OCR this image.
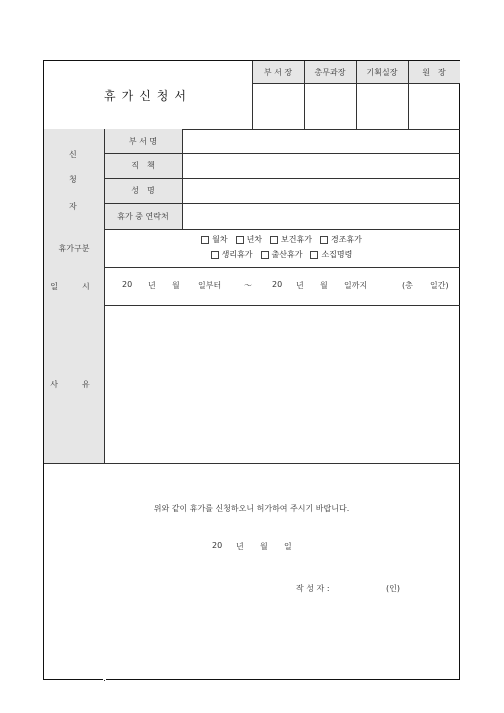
휴가신청서
부 서 장	총무과장	기획실장	원　장
신
청
자
부 서 명
직　책
성　명
휴가 중 연락처
휴가구분
월차 년차 보건휴가 경조휴가
생리휴가 출산휴가 소집명령
일　시	20 년 월 일부터	～	20 년 월 일까지	(총 일간)
사　유
위와 같이 휴가를 신청하오니 허가하여 주시기 바랍니다.
20 년 월 일
작 성 자 :	(인)
